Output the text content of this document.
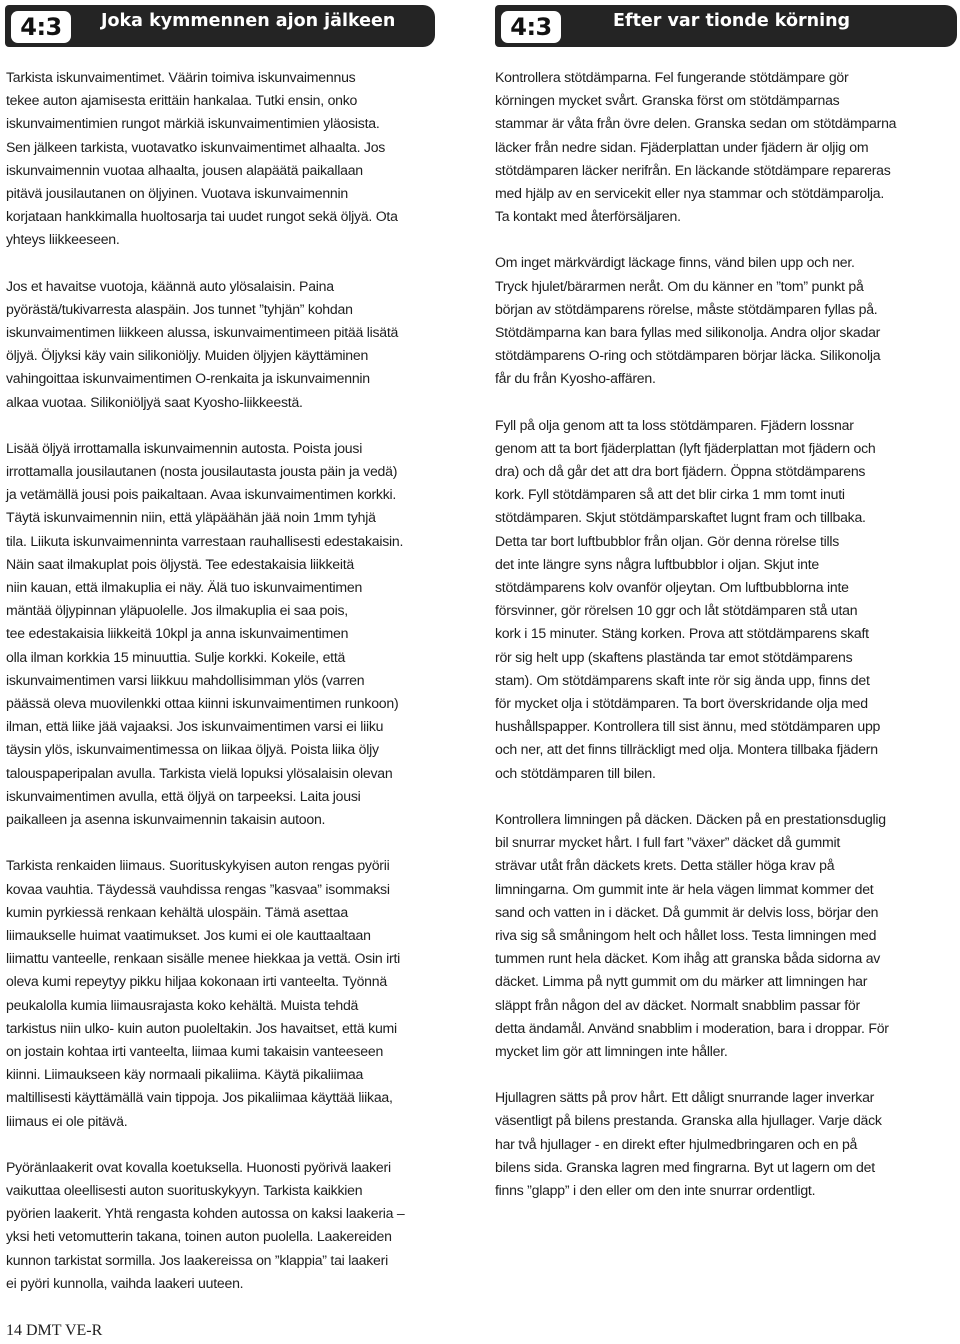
4:3	Joka kymmennen ajon jälkeen	4:3	Efter var tionde körning

Tarkista iskunvaimentimet. Väärin toimiva iskunvaimennus
tekee auton ajamisesta erittäin hankalaa. Tutki ensin, onko
iskunvaimentimien rungot märkiä iskunvaimentimien yläosista.
Sen jälkeen tarkista, vuotavatko iskunvaimentimet alhaalta. Jos
iskunvaimennin vuotaa alhaalta, jousen alapäätä paikallaan
pitävä jousilautanen on öljyinen. Vuotava iskunvaimennin
korjataan hankkimalla huoltosarja tai uudet rungot sekä öljyä. Ota
yhteys liikkeeseen.

Jos et havaitse vuotoja, käännä auto ylösalaisin. Paina
pyörästä/tukivarresta alaspäin. Jos tunnet ”tyhjän” kohdan
iskunvaimentimen liikkeen alussa, iskunvaimentimeen pitää lisätä
öljyä. Öljyksi käy vain silikoniöljy. Muiden öljyjen käyttäminen
vahingoittaa iskunvaimentimen O-renkaita ja iskunvaimennin
alkaa vuotaa. Silikoniöljyä saat Kyosho-liikkeestä.

Lisää öljyä irrottamalla iskunvaimennin autosta. Poista jousi
irrottamalla jousilautanen (nosta jousilautasta jousta päin ja vedä)
ja vetämällä jousi pois paikaltaan. Avaa iskunvaimentimen korkki.
Täytä iskunvaimennin niin, että yläpäähän jää noin 1mm tyhjä
tila. Liikuta iskunvaimenninta varrestaan rauhallisesti edestakaisin.
Näin saat ilmakuplat pois öljystä. Tee edestakaisia liikkeitä
niin kauan, että ilmakuplia ei näy. Älä tuo iskunvaimentimen
mäntää öljypinnan yläpuolelle. Jos ilmakuplia ei saa pois,
tee edestakaisia liikkeitä 10kpl ja anna iskunvaimentimen
olla ilman korkkia 15 minuuttia. Sulje korkki. Kokeile, että
iskunvaimentimen varsi liikkuu mahdollisimman ylös (varren
päässä oleva muovilenkki ottaa kiinni iskunvaimentimen runkoon)
ilman, että liike jää vajaaksi. Jos iskunvaimentimen varsi ei liiku
täysin ylös, iskunvaimentimessa on liikaa öljyä. Poista liika öljy
talouspaperipalan avulla. Tarkista vielä lopuksi ylösalaisin olevan
iskunvaimentimen avulla, että öljyä on tarpeeksi. Laita jousi
paikalleen ja asenna iskunvaimennin takaisin autoon.

Tarkista renkaiden liimaus. Suorituskykyisen auton rengas pyörii
kovaa vauhtia. Täydessä vauhdissa rengas ”kasvaa” isommaksi
kumin pyrkiessä renkaan kehältä ulospäin. Tämä asettaa
liimaukselle huimat vaatimukset. Jos kumi ei ole kauttaaltaan
liimattu vanteelle, renkaan sisälle menee hiekkaa ja vettä. Osin irti
oleva kumi repeytyy pikku hiljaa kokonaan irti vanteelta. Työnnä
peukalolla kumia liimausrajasta koko kehältä. Muista tehdä
tarkistus niin ulko- kuin auton puoleltakin. Jos havaitset, että kumi
on jostain kohtaa irti vanteelta, liimaa kumi takaisin vanteeseen
kiinni. Liimaukseen käy normaali pikaliima. Käytä pikaliimaa
maltillisesti käyttämällä vain tippoja. Jos pikaliimaa käyttää liikaa,
liimaus ei ole pitävä.

Pyöränlaakerit ovat kovalla koetuksella. Huonosti pyörivä laakeri
vaikuttaa oleellisesti auton suorituskykyyn. Tarkista kaikkien
pyörien laakerit. Yhtä rengasta kohden autossa on kaksi laakeria –
yksi heti vetomutterin takana, toinen auton puolella. Laakereiden
kunnon tarkistat sormilla. Jos laakereissa on ”klappia” tai laakeri
ei pyöri kunnolla, vaihda laakeri uuteen.

Kontrollera stötdämparna. Fel fungerande stötdämpare gör
körningen mycket svårt. Granska först om stötdämparnas
stammar är våta från övre delen. Granska sedan om stötdämparna
läcker från nedre sidan. Fjäderplattan under fjädern är oljig om
stötdämparen läcker nerifrån. En läckande stötdämpare repareras
med hjälp av en servicekit eller nya stammar och stötdämparolja.
Ta kontakt med återförsäljaren.

Om inget märkvärdigt läckage finns, vänd bilen upp och ner.
Tryck hjulet/bärarmen neråt. Om du känner en ”tom” punkt på
början av stötdämparens rörelse, måste stötdämparen fyllas på.
Stötdämparna kan bara fyllas med silikonolja. Andra oljor skadar
stötdämparens O-ring och stötdämparen börjar läcka. Silikonolja
får du från Kyosho-affären.

Fyll på olja genom att ta loss stötdämparen. Fjädern lossnar
genom att ta bort fjäderplattan (lyft fjäderplattan mot fjädern och
dra) och då går det att dra bort fjädern. Öppna stötdämparens
kork. Fyll stötdämparen så att det blir cirka 1 mm tomt inuti
stötdämparen. Skjut stötdämparskaftet lugnt fram och tillbaka.
Detta tar bort luftbubblor från oljan. Gör denna rörelse tills
det inte längre syns några luftbubblor i oljan. Skjut inte
stötdämparens kolv ovanför oljeytan. Om luftbubblorna inte
försvinner, gör rörelsen 10 ggr och låt stötdämparen stå utan
kork i 15 minuter. Stäng korken. Prova att stötdämparens skaft
rör sig helt upp (skaftens plastända tar emot stötdämparens
stam). Om stötdämparens skaft inte rör sig ända upp, finns det
för mycket olja i stötdämparen. Ta bort överskridande olja med
hushållspapper. Kontrollera till sist ännu, med stötdämparen upp
och ner, att det finns tillräckligt med olja. Montera tillbaka fjädern
och stötdämparen till bilen.

Kontrollera limningen på däcken. Däcken på en prestationsduglig
bil snurrar mycket hårt. I full fart ”växer” däcket då gummit
strävar utåt från däckets krets. Detta ställer höga krav på
limningarna. Om gummit inte är hela vägen limmat kommer det
sand och vatten in i däcket. Då gummit är delvis loss, börjar den
riva sig så småningom helt och hållet loss. Testa limningen med
tummen runt hela däcket. Kom ihåg att granska båda sidorna av
däcket. Limma på nytt gummit om du märker att limningen har
släppt från någon del av däcket. Normalt snabblim passar för
detta ändamål. Använd snabblim i moderation, bara i droppar. För
mycket lim gör att limningen inte håller.

Hjullagren sätts på prov hårt. Ett dåligt snurrande lager inverkar
väsentligt på bilens prestanda. Granska alla hjullager. Varje däck
har två hjullager - en direkt efter hjulmedbringaren och en på
bilens sida. Granska lagren med fingrarna. Byt ut lagern om det
finns ”glapp” i den eller om den inte snurrar ordentligt.

14 DMT VE-R
